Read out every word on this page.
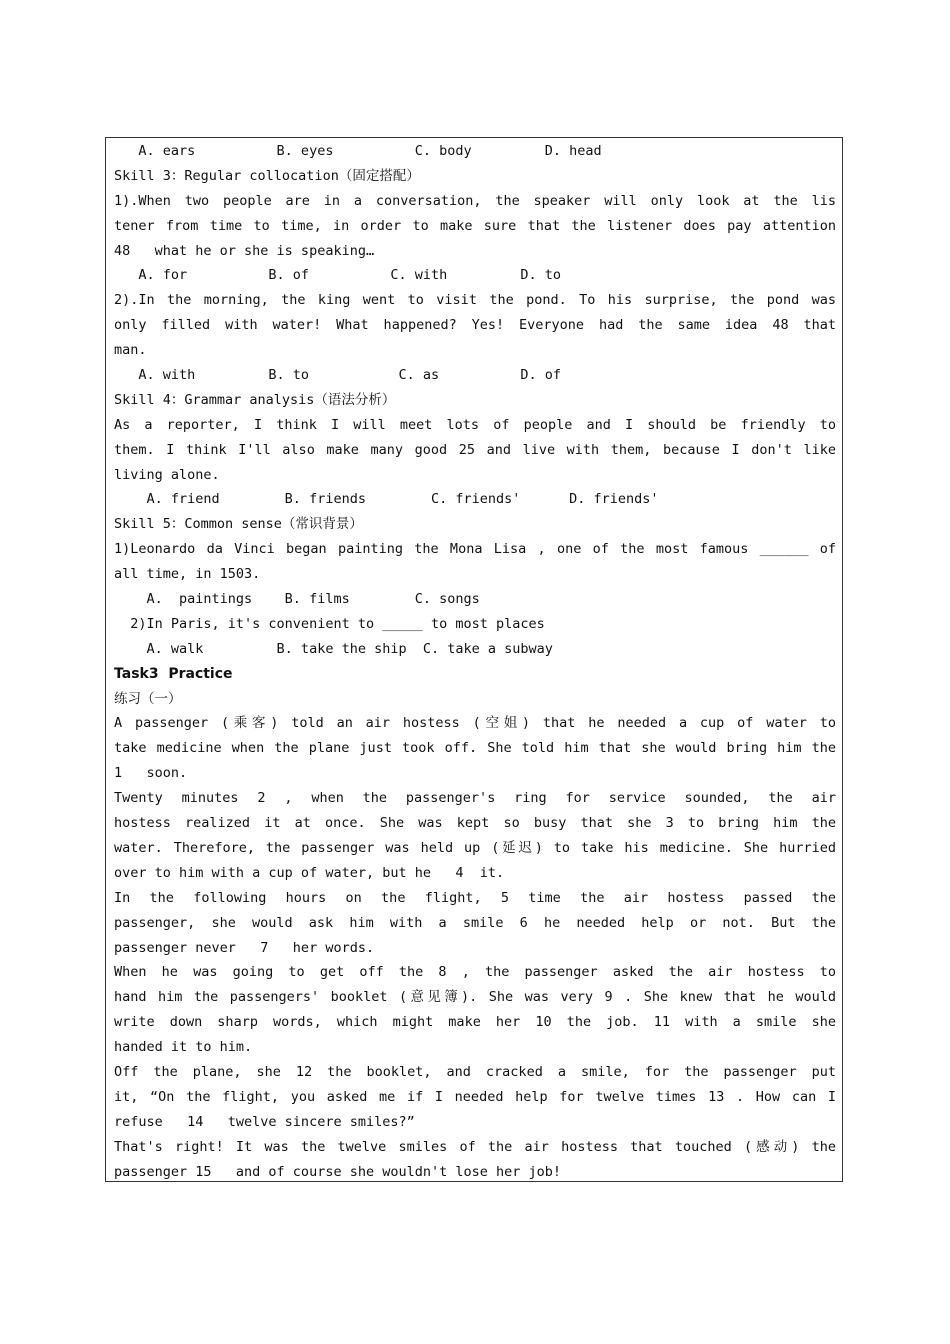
A. ears          B. eyes          C. body         D. head
Skill 3：Regular collocation（固定搭配）
1).When two people are in a conversation, the speaker will only look at the lis
tener from time to time, in order to make sure that the listener does pay attention
48   what he or she is speaking…
A. for          B. of          C. with         D. to
2).In the morning, the king went to visit the pond. To his surprise, the pond was
only filled with water! What happened? Yes! Everyone had the same idea 48 that
man.
A. with         B. to           C. as          D. of
Skill 4：Grammar analysis（语法分析）
As a reporter, I think I will meet lots of people and I should be friendly to
them. I think I'll also make many good 25 and live with them, because I don't like
living alone.
A. friend        B. friends        C. friends'      D. friends'
Skill 5：Common sense（常识背景）
1)Leonardo da Vinci began painting the Mona Lisa , one of the most famous ______ of
all time, in 1503.
A.  paintings    B. films        C. songs
2)In Paris, it's convenient to _____ to most places
A. walk         B. take the ship  C. take a subway
Task3  Practice
练习（一）
A passenger (乘客) told an air hostess (空姐) that he needed a cup of water to
take medicine when the plane just took off. She told him that she would bring him the
1   soon.
Twenty minutes 2 , when the passenger's ring for service sounded, the air
hostess realized it at once. She was kept so busy that she 3 to bring him the
water. Therefore, the passenger was held up (延迟) to take his medicine. She hurried
over to him with a cup of water, but he   4  it.
In the following hours on the flight, 5 time the air hostess passed the
passenger, she would ask him with a smile 6 he needed help or not. But the
passenger never   7   her words.
When he was going to get off the 8 , the passenger asked the air hostess to
hand him the passengers' booklet (意见簿). She was very 9 . She knew that he would
write down sharp words, which might make her 10 the job. 11 with a smile she
handed it to him.
Off the plane, she 12 the booklet, and cracked a smile, for the passenger put
it, “On the flight, you asked me if I needed help for twelve times 13 . How can I
refuse   14   twelve sincere smiles?”
That's right! It was the twelve smiles of the air hostess that touched (感动) the
passenger 15   and of course she wouldn't lose her job!
